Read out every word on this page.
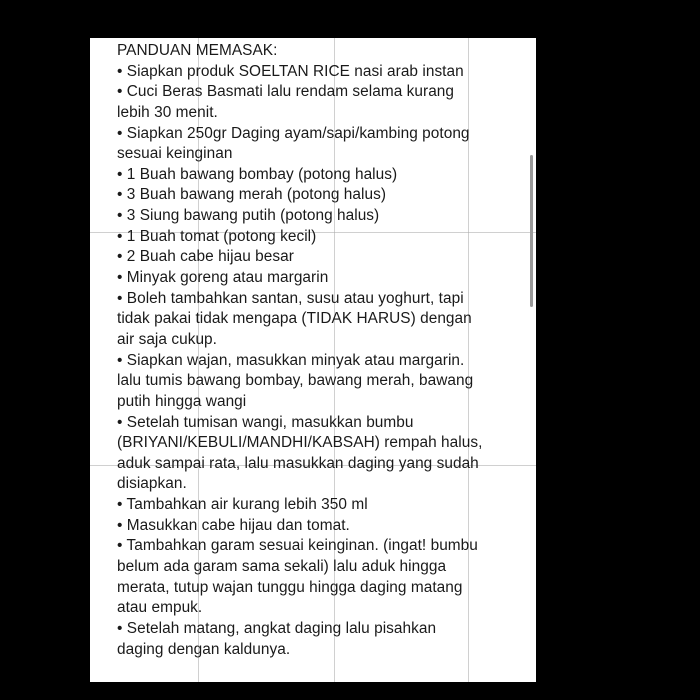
PANDUAN MEMASAK:
• Siapkan produk SOELTAN RICE nasi arab instan
• Cuci Beras Basmati lalu rendam selama kurang
lebih 30 menit.
• Siapkan 250gr Daging ayam/sapi/kambing potong
sesuai keinginan
• 1 Buah bawang bombay (potong halus)
• 3 Buah bawang merah (potong halus)
• 3 Siung bawang putih (potong halus)
• 1 Buah tomat (potong kecil)
• 2 Buah cabe hijau besar
• Minyak goreng atau margarin
• Boleh tambahkan santan, susu atau yoghurt, tapi
tidak pakai tidak mengapa (TIDAK HARUS) dengan
air saja cukup.
• Siapkan wajan, masukkan minyak atau margarin.
lalu tumis bawang bombay, bawang merah, bawang
putih hingga wangi
• Setelah tumisan wangi, masukkan bumbu
(BRIYANI/KEBULI/MANDHI/KABSAH) rempah halus,
aduk sampai rata, lalu masukkan daging yang sudah
disiapkan.
• Tambahkan air kurang lebih 350 ml
• Masukkan cabe hijau dan tomat.
• Tambahkan garam sesuai keinginan. (ingat! bumbu
belum ada garam sama sekali) lalu aduk hingga
merata, tutup wajan tunggu hingga daging matang
atau empuk.
• Setelah matang, angkat daging lalu pisahkan
daging dengan kaldunya.
